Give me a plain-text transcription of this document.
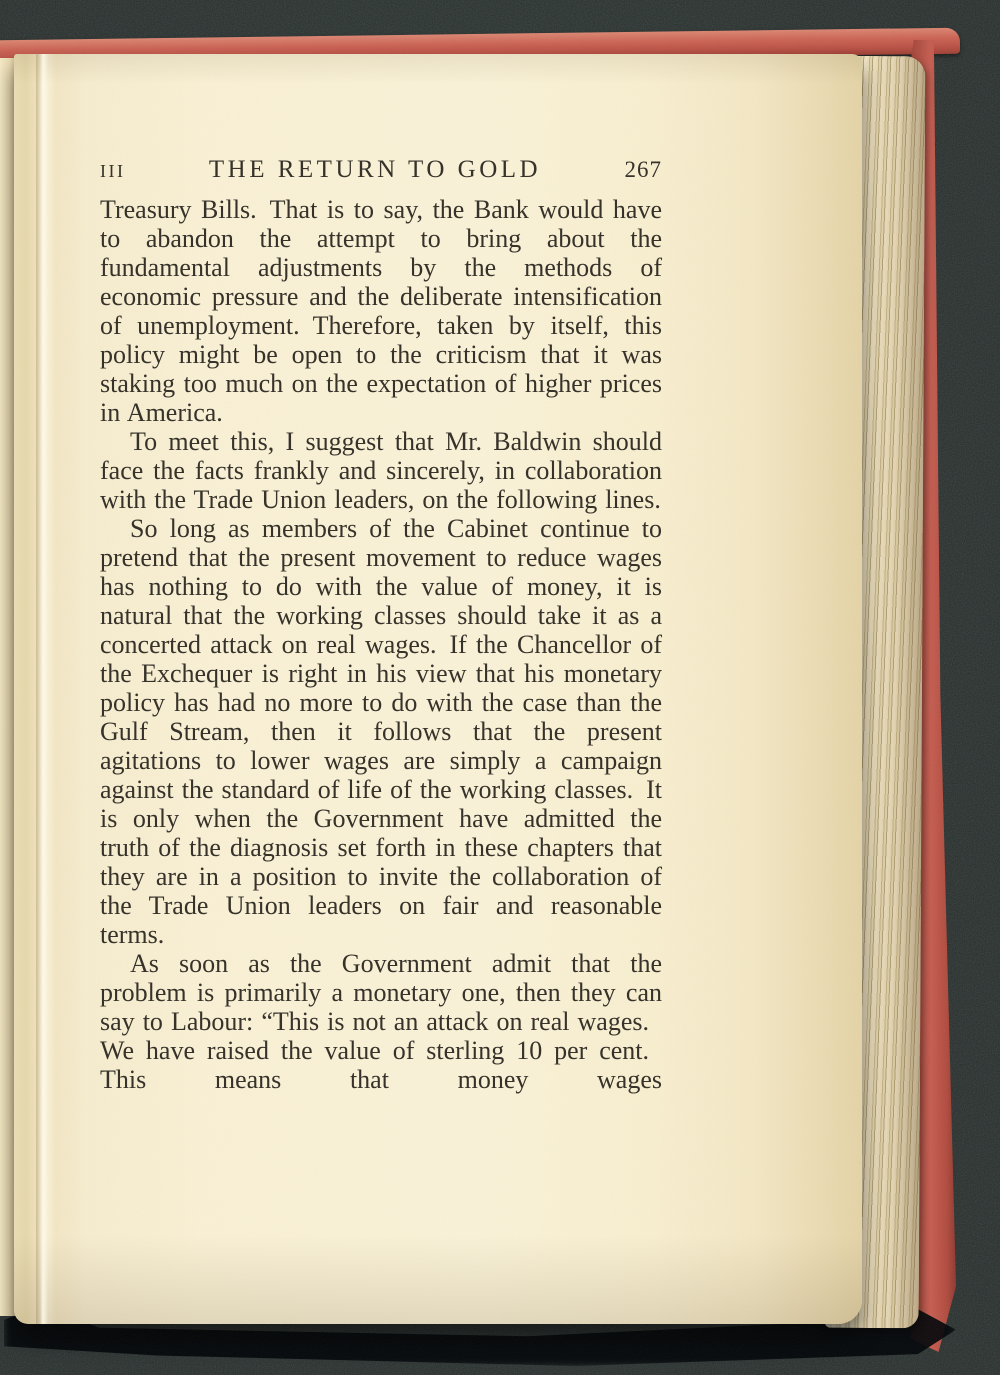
III	THE RETURN TO GOLD	267

Treasury Bills. That is to say, the Bank would have to abandon the attempt to bring about the fundamental adjustments by the methods of economic pressure and the deliberate intensification of unemployment. Therefore, taken by itself, this policy might be open to the criticism that it was staking too much on the expectation of higher prices in America.

To meet this, I suggest that Mr. Baldwin should face the facts frankly and sincerely, in collaboration with the Trade Union leaders, on the following lines.

So long as members of the Cabinet continue to pretend that the present movement to reduce wages has nothing to do with the value of money, it is natural that the working classes should take it as a concerted attack on real wages. If the Chancellor of the Exchequer is right in his view that his monetary policy has had no more to do with the case than the Gulf Stream, then it follows that the present agitations to lower wages are simply a campaign against the standard of life of the working classes. It is only when the Government have admitted the truth of the diagnosis set forth in these chapters that they are in a position to invite the collaboration of the Trade Union leaders on fair and reasonable terms.

As soon as the Government admit that the problem is primarily a monetary one, then they can say to Labour: “This is not an attack on real wages. We have raised the value of sterling 10 per cent. This means that money wages
